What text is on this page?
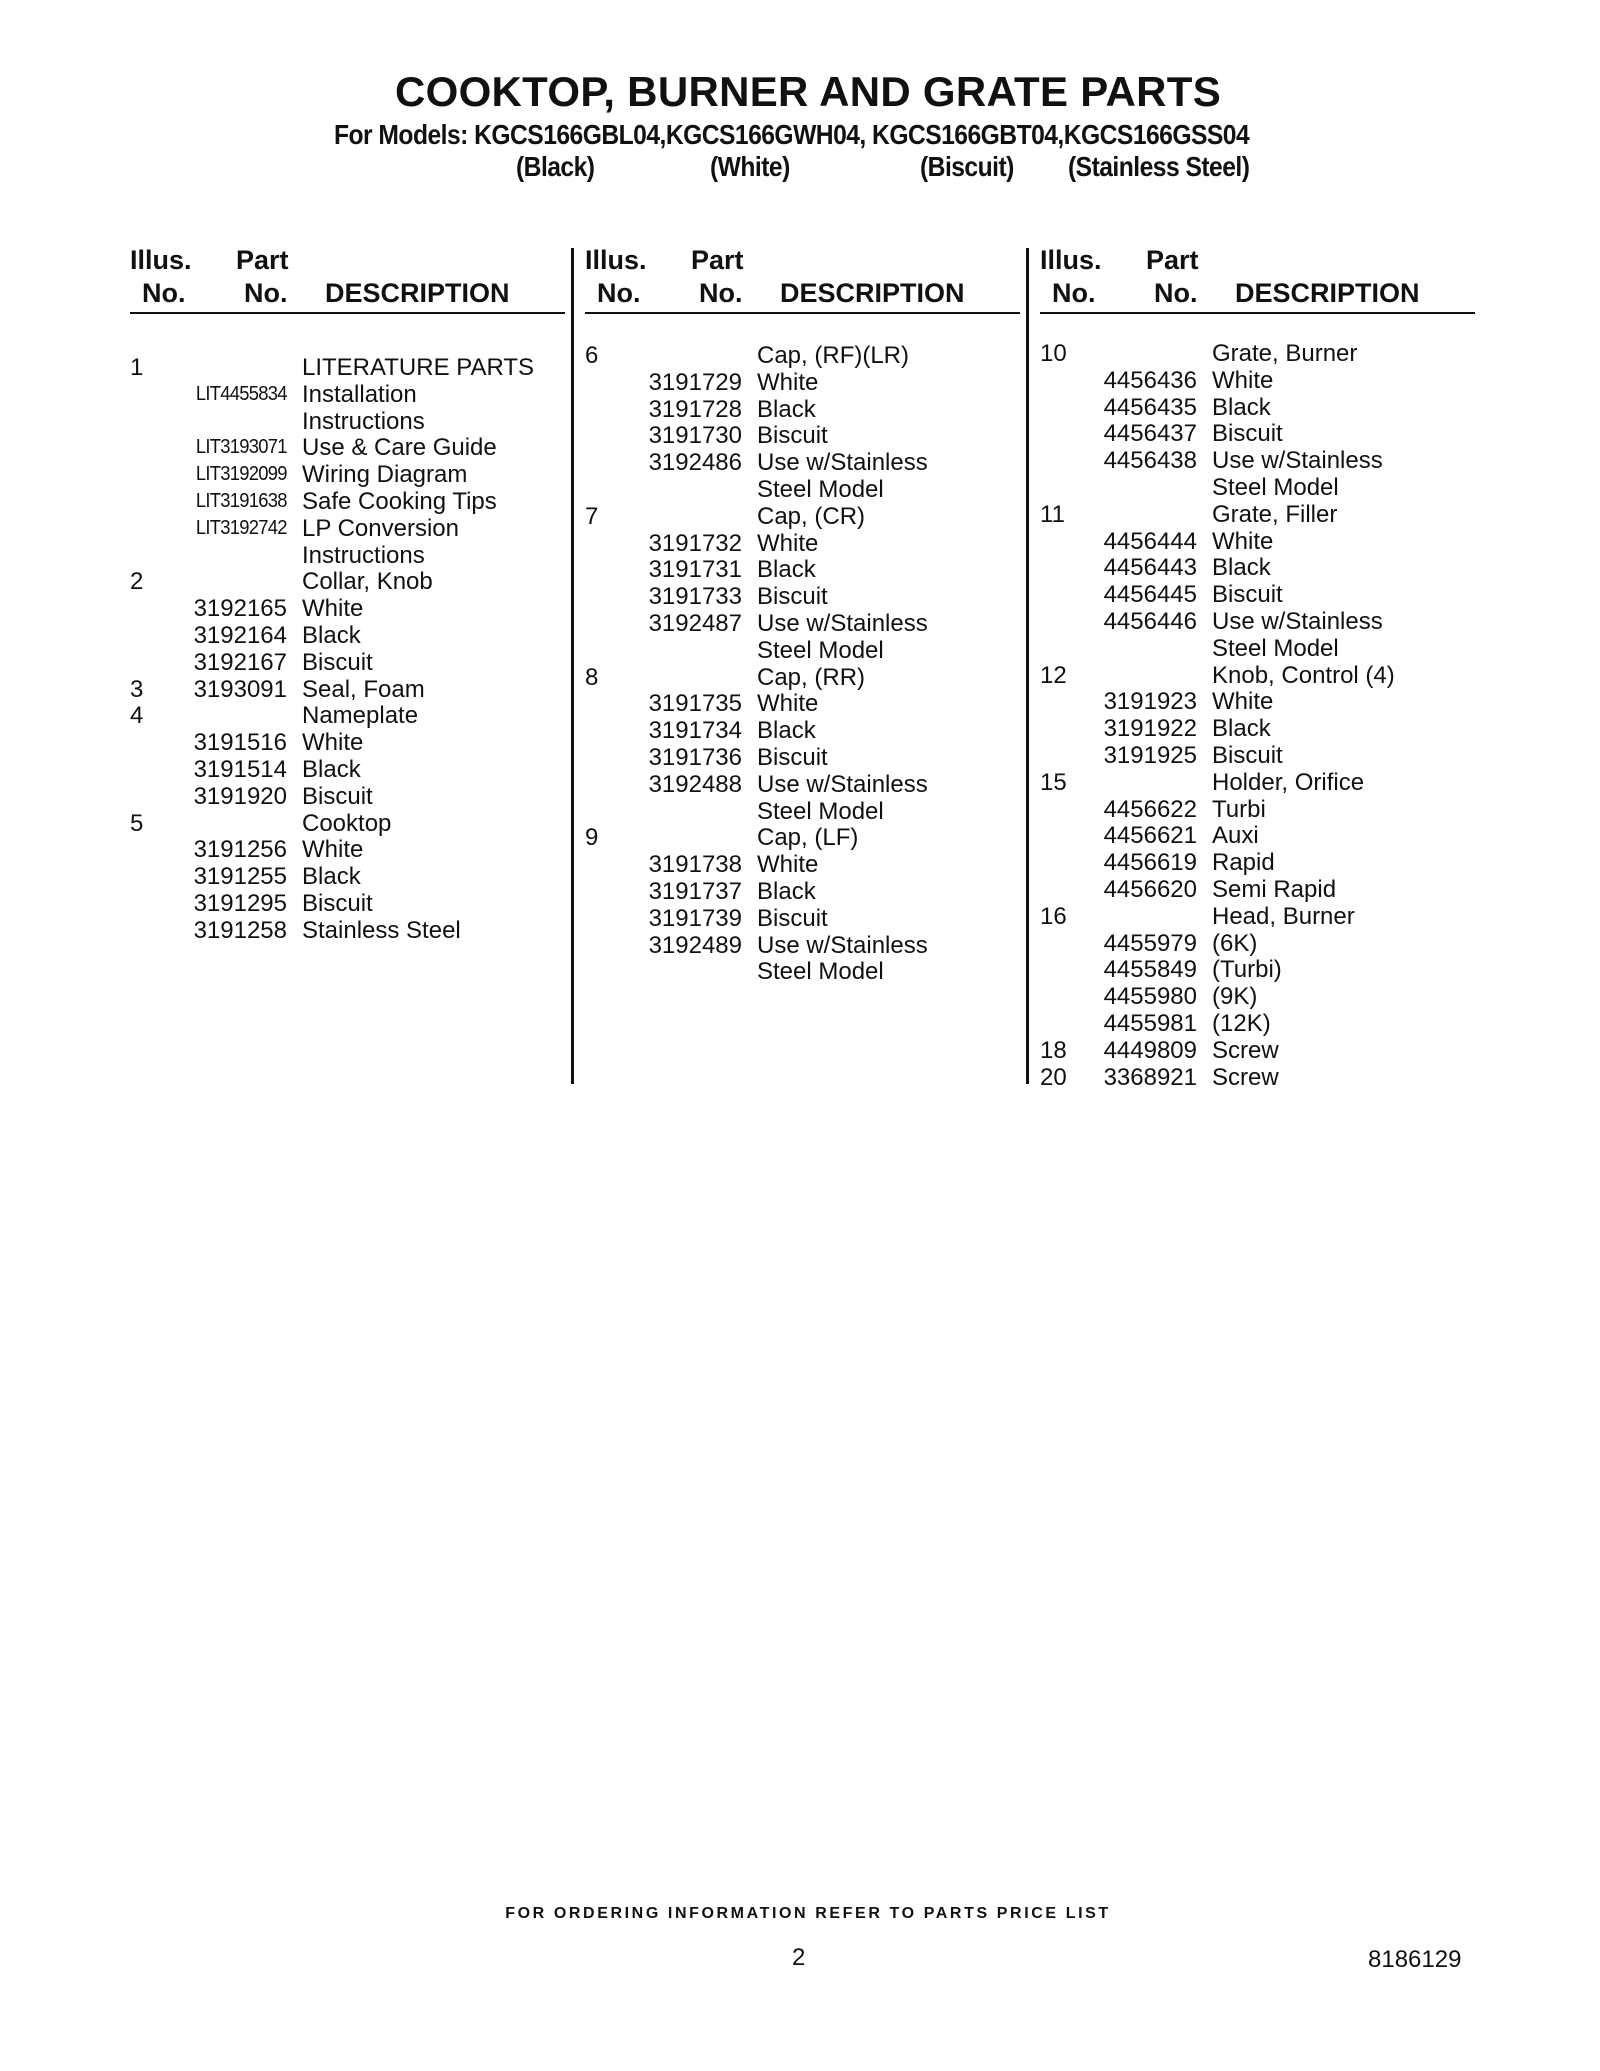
COOKTOP, BURNER AND GRATE PARTS
For Models: KGCS166GBL04,KGCS166GWH04, KGCS166GBT04,KGCS166GSS04
(Black)	(White)	(Biscuit) (Stainless Steel)
Illus.
No.
Part
No. DESCRIPTION
1	LITERATURE PARTS
LIT4455834 Installation
Instructions
LIT3193071 Use & Care Guide
LIT3192099 Wiring Diagram
LIT3191638 Safe Cooking Tips
LIT3192742 LP Conversion
Instructions
2	Collar, Knob
3192165 White
3192164 Black
3192167 Biscuit
3 3193091 Seal, Foam
4	Nameplate
3191516 White
3191514 Black
3191920 Biscuit
5	Cooktop
3191256 White
3191255 Black
3191295 Biscuit
3191258 Stainless Steel
Illus.
No.
Part
No. DESCRIPTION
6	Cap, (RF)(LR)
3191729 White
3191728 Black
3191730 Biscuit
3192486 Use w/Stainless
Steel Model
7	Cap, (CR)
3191732 White
3191731 Black
3191733 Biscuit
3192487 Use w/Stainless
Steel Model
8	Cap, (RR)
3191735 White
3191734 Black
3191736 Biscuit
3192488 Use w/Stainless
Steel Model
9	Cap, (LF)
3191738 White
3191737 Black
3191739 Biscuit
3192489 Use w/Stainless
Steel Model
Illus.
No.
Part
No. DESCRIPTION
10	Grate, Burner
4456436 White
4456435 Black
4456437 Biscuit
4456438 Use w/Stainless
Steel Model
11	Grate, Filler
4456444 White
4456443 Black
4456445 Biscuit
4456446 Use w/Stainless
Steel Model
12	Knob, Control (4)
3191923 White
3191922 Black
3191925 Biscuit
15	Holder, Orifice
4456622 Turbi
4456621 Auxi
4456619 Rapid
4456620 Semi Rapid
16	Head, Burner
4455979 (6K)
4455849 (Turbi)
4455980 (9K)
4455981 (12K)
18 4449809 Screw
20 3368921 Screw
FOR ORDERING INFORMATION REFER TO PARTS PRICE LIST
2	8186129
